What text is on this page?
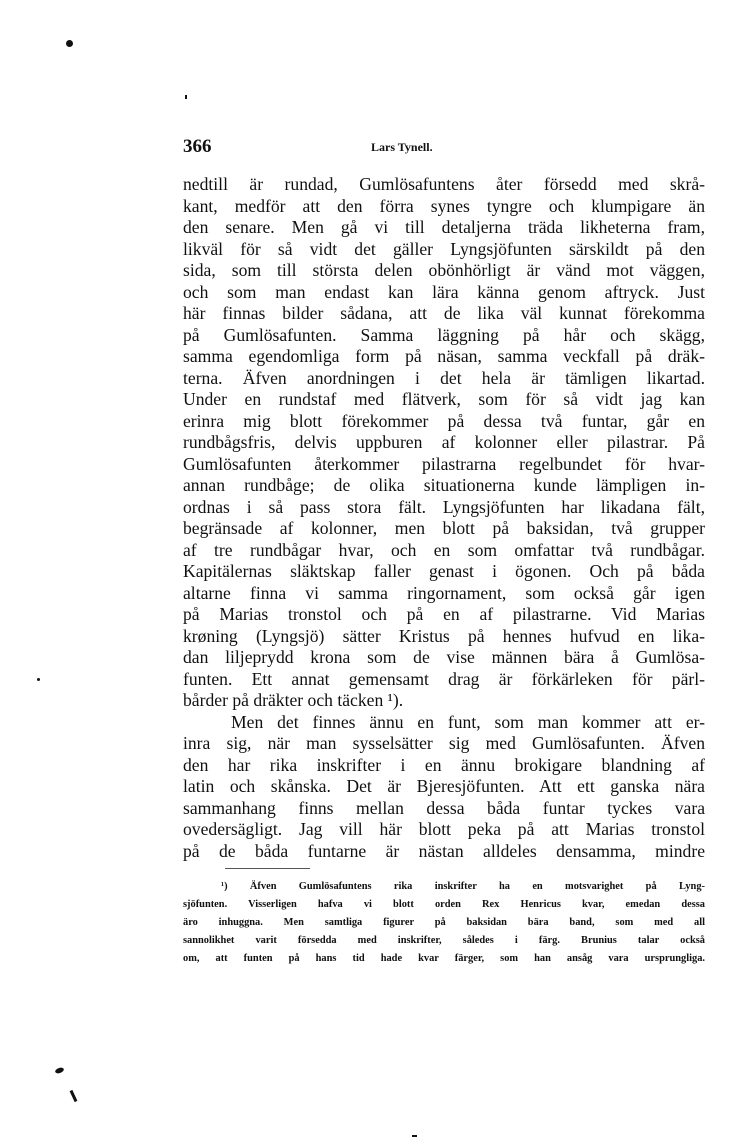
366	Lars Tynell.
nedtill är rundad, Gumlösafuntens åter försedd med skrå-
kant, medför att den förra synes tyngre och klumpigare än
den senare. Men gå vi till detaljerna träda likheterna fram,
likväl för så vidt det gäller Lyngsjöfunten särskildt på den
sida, som till största delen obönhörligt är vänd mot väggen,
och som man endast kan lära känna genom aftryck. Just
här finnas bilder sådana, att de lika väl kunnat förekomma
på Gumlösafunten. Samma läggning på hår och skägg,
samma egendomliga form på näsan, samma veckfall på dräk-
terna. Äfven anordningen i det hela är tämligen likartad.
Under en rundstaf med flätverk, som för så vidt jag kan
erinra mig blott förekommer på dessa två funtar, går en
rundbågsfris, delvis uppburen af kolonner eller pilastrar. På
Gumlösafunten återkommer pilastrarna regelbundet för hvar-
annan rundbåge; de olika situationerna kunde lämpligen in-
ordnas i så pass stora fält. Lyngsjöfunten har likadana fält,
begränsade af kolonner, men blott på baksidan, två grupper
af tre rundbågar hvar, och en som omfattar två rundbågar.
Kapitälernas släktskap faller genast i ögonen. Och på båda
altarne finna vi samma ringornament, som också går igen
på Marias tronstol och på en af pilastrarne. Vid Marias
krøning (Lyngsjö) sätter Kristus på hennes hufvud en lika-
dan liljeprydd krona som de vise männen bära å Gumlösa-
funten. Ett annat gemensamt drag är förkärleken för pärl-
bårder på dräkter och täcken ¹).
Men det finnes ännu en funt, som man kommer att er-
inra sig, när man sysselsätter sig med Gumlösafunten. Äfven
den har rika inskrifter i en ännu brokigare blandning af
latin och skånska. Det är Bjeresjöfunten. Att ett ganska nära
sammanhang finns mellan dessa båda funtar tyckes vara
ovedersägligt. Jag vill här blott peka på att Marias tronstol
på de båda funtarne är nästan alldeles densamma, mindre
¹) Äfven Gumlösafuntens rika inskrifter ha en motsvarighet på Lyng-
sjöfunten. Visserligen hafva vi blott orden Rex Henricus kvar, emedan dessa
äro inhuggna. Men samtliga figurer på baksidan bära band, som med all
sannolikhet varit försedda med inskrifter, således i färg. Brunius talar också
om, att funten på hans tid hade kvar färger, som han ansåg vara ursprungliga.
